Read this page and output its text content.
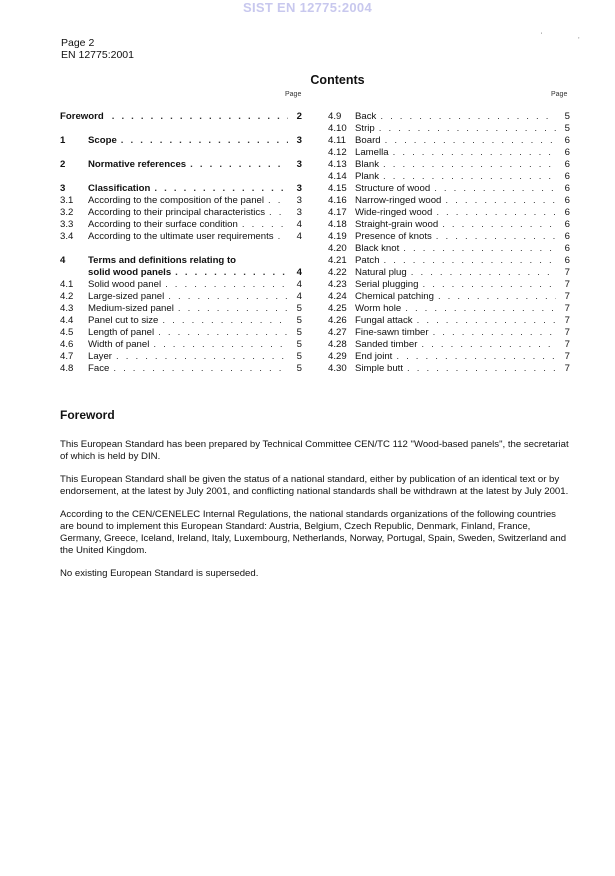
SIST EN 12775:2004
Page 2
EN 12775:2001
'	,
Contents
Page	Page
Foreword . . .	2
1	Scope . . .	3
2	Normative references . . .	3
3	Classification . . .	3
3.1	According to the composition of the panel . . .	3
3.2	According to their principal characteristics . . .	3
3.3	According to their surface condition . . .	4
3.4	According to the ultimate user requirements . . .	4
4	Terms and definitions relating to
solid wood panels . . .	4
4.1	Solid wood panel . . .	4
4.2	Large-sized panel . . .	4
4.3	Medium-sized panel . . .	5
4.4	Panel cut to size . . .	5
4.5	Length of panel . . .	5
4.6	Width of panel . . .	5
4.7	Layer . . .	5
4.8	Face . . .	5
4.9	Back . . .	5
4.10 Strip . . .	5
4.11 Board . . .	6
4.12 Lamella . . .	6
4.13 Blank . . .	6
4.14 Plank . . .	6
4.15 Structure of wood . . .	6
4.16 Narrow-ringed wood . . .	6
4.17 Wide-ringed wood . . .	6
4.18 Straight-grain wood . . .	6
4.19 Presence of knots . . .	6
4.20 Black knot . . .	6
4.21 Patch . . .	6
4.22 Natural plug . . .	7
4.23 Serial plugging . . .	7
4.24 Chemical patching . . .	7
4.25 Worm hole . . .	7
4.26 Fungal attack . . .	7
4.27 Fine-sawn timber . . .	7
4.28 Sanded timber . . .	7
4.29 End joint . . .	7
4.30 Simple butt . . .	7
Foreword

This European Standard has been prepared by Technical Committee CEN/TC 112 "Wood-based panels", the secretariat of which is held by DIN.

This European Standard shall be given the status of a national standard, either by publication of an identical text or by endorsement, at the latest by July 2001, and conflicting national standards shall be withdrawn at the latest by July 2001.

According to the CEN/CENELEC Internal Regulations, the national standards organizations of the following countries are bound to implement this European Standard: Austria, Belgium, Czech Republic, Denmark, Finland, France, Germany, Greece, Iceland, Ireland, Italy, Luxembourg, Netherlands, Norway, Portugal, Spain, Sweden, Switzerland and the United Kingdom.

No existing European Standard is superseded.
